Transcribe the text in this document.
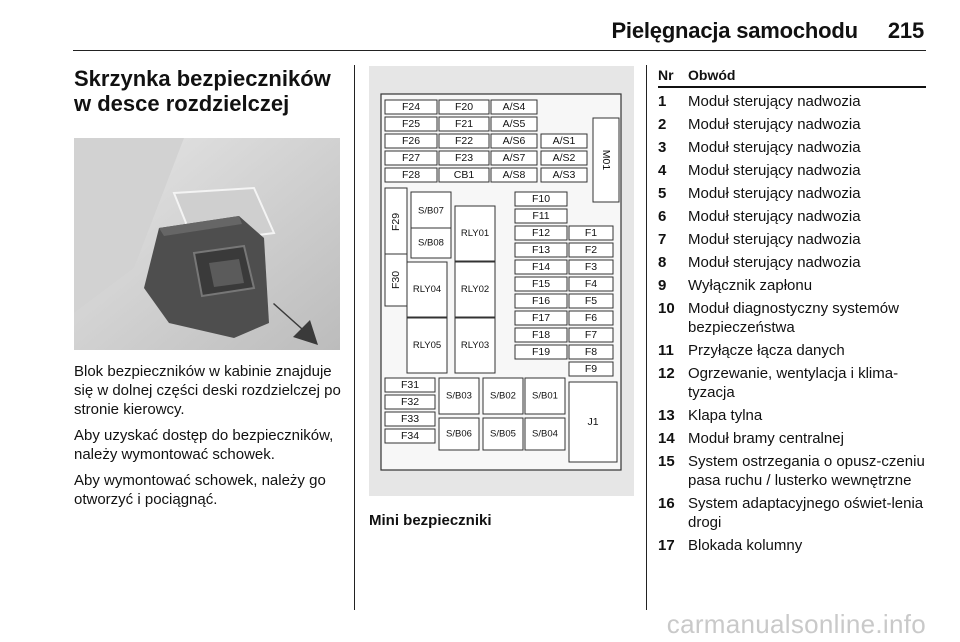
Pielęgnacja samochodu 215
Skrzynka bezpieczników w desce rozdzielczej

Blok bezpieczników w kabinie znajduje się w dolnej części deski rozdzielczej po stronie kierowcy.

Aby uzyskać dostęp do bezpieczników, należy wymontować schowek.

Aby wymontować schowek, należy go otworzyć i pociągnąć.

F24	F20	A/S4
F25	F21	A/S5
F26	F22	A/S6	A/S1
F27	F23	A/S7	A/S2
F28	CB1	A/S8	A/S3
M01
F29
S/B07
F10
F11
RLY01	F12	F1
S/B08
F13	F2
F30
F14	F3
RLY04 RLY02	F15	F4
F16	F5
F17	F6
RLY05 RLY03
F18	F7
F19	F8
F9
F31
S/B03 S/B02 S/B01
F32
J1
F33
S/B06 S/B05 S/B04
F34
Mini bezpieczniki
Nr	Obwód
1	Moduł sterujący nadwozia
2	Moduł sterujący nadwozia
3	Moduł sterujący nadwozia
4	Moduł sterujący nadwozia
5	Moduł sterujący nadwozia
6	Moduł sterujący nadwozia
7	Moduł sterujący nadwozia
8	Moduł sterujący nadwozia
9	Wyłącznik zapłonu
10 Moduł diagnostyczny systemów bezpieczeństwa
11 Przyłącze łącza danych
12 Ogrzewanie, wentylacja i klima-tyzacja
13 Klapa tylna
14 Moduł bramy centralnej
15 System ostrzegania o opusz-czeniu pasa ruchu / lusterko wewnętrzne
16 System adaptacyjnego oświet-lenia drogi
17 Blokada kolumny
carmanualsonline.info
